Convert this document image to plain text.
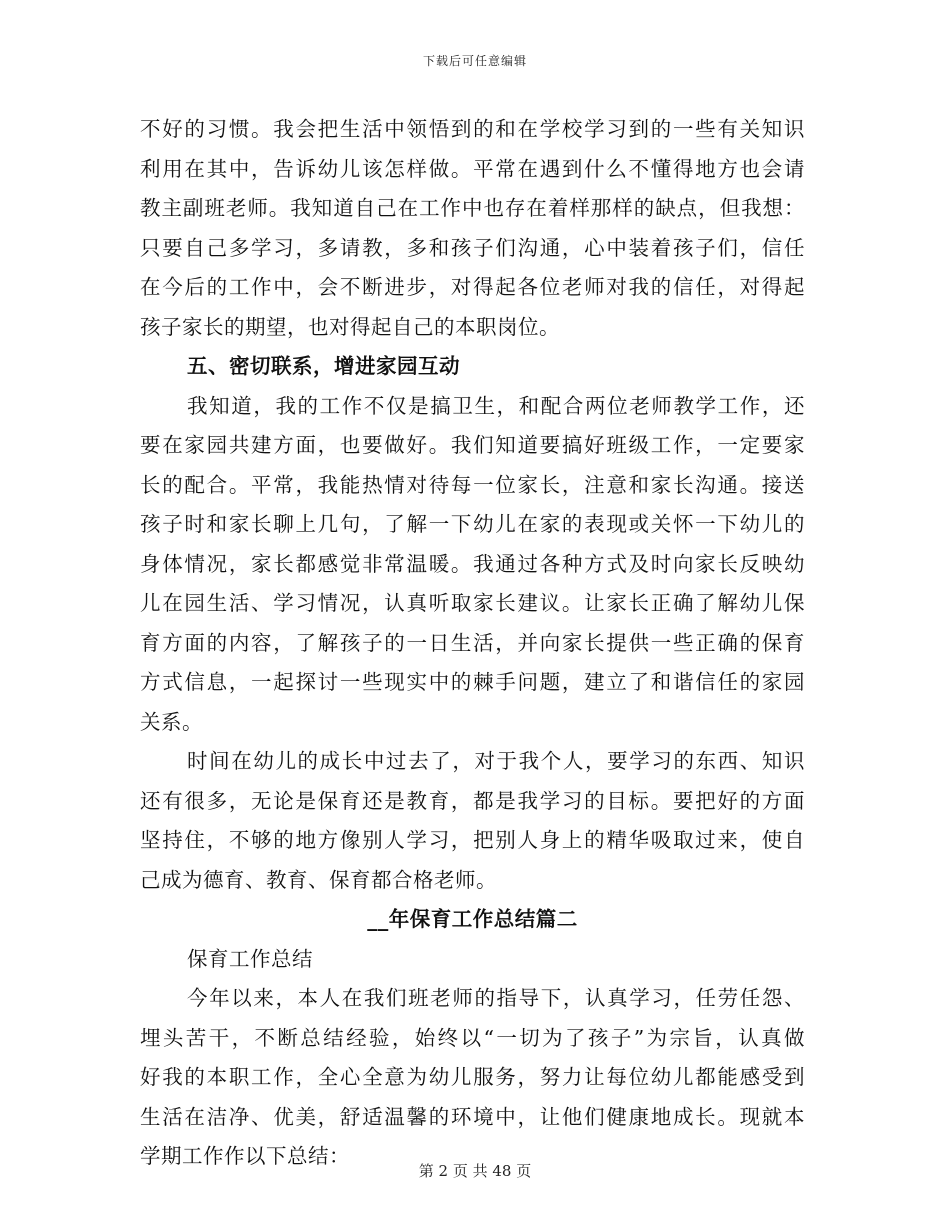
下载后可任意编辑
不好的习惯。我会把生活中领悟到的和在学校学习到的一些有关知识
利用在其中，告诉幼儿该怎样做。平常在遇到什么不懂得地方也会请
教主副班老师。我知道自己在工作中也存在着样那样的缺点，但我想：
只要自己多学习，多请教，多和孩子们沟通，心中装着孩子们，信任
在今后的工作中，会不断进步，对得起各位老师对我的信任，对得起
孩子家长的期望，也对得起自己的本职岗位。
五、密切联系，增进家园互动
我知道，我的工作不仅是搞卫生，和配合两位老师教学工作，还
要在家园共建方面，也要做好。我们知道要搞好班级工作，一定要家
长的配合。平常，我能热情对待每一位家长，注意和家长沟通。接送
孩子时和家长聊上几句，了解一下幼儿在家的表现或关怀一下幼儿的
身体情况，家长都感觉非常温暖。我通过各种方式及时向家长反映幼
儿在园生活、学习情况，认真听取家长建议。让家长正确了解幼儿保
育方面的内容，了解孩子的一日生活，并向家长提供一些正确的保育
方式信息，一起探讨一些现实中的棘手问题，建立了和谐信任的家园
关系。
时间在幼儿的成长中过去了，对于我个人，要学习的东西、知识
还有很多，无论是保育还是教育，都是我学习的目标。要把好的方面
坚持住，不够的地方像别人学习，把别人身上的精华吸取过来，使自
己成为德育、教育、保育都合格老师。
__年保育工作总结篇二
保育工作总结
今年以来，本人在我们班老师的指导下，认真学习，任劳任怨、
埋头苦干，不断总结经验，始终以“一切为了孩子”为宗旨，认真做
好我的本职工作，全心全意为幼儿服务，努力让每位幼儿都能感受到
生活在洁净、优美，舒适温馨的环境中，让他们健康地成长。现就本
学期工作作以下总结：
第 2 页 共 48 页
